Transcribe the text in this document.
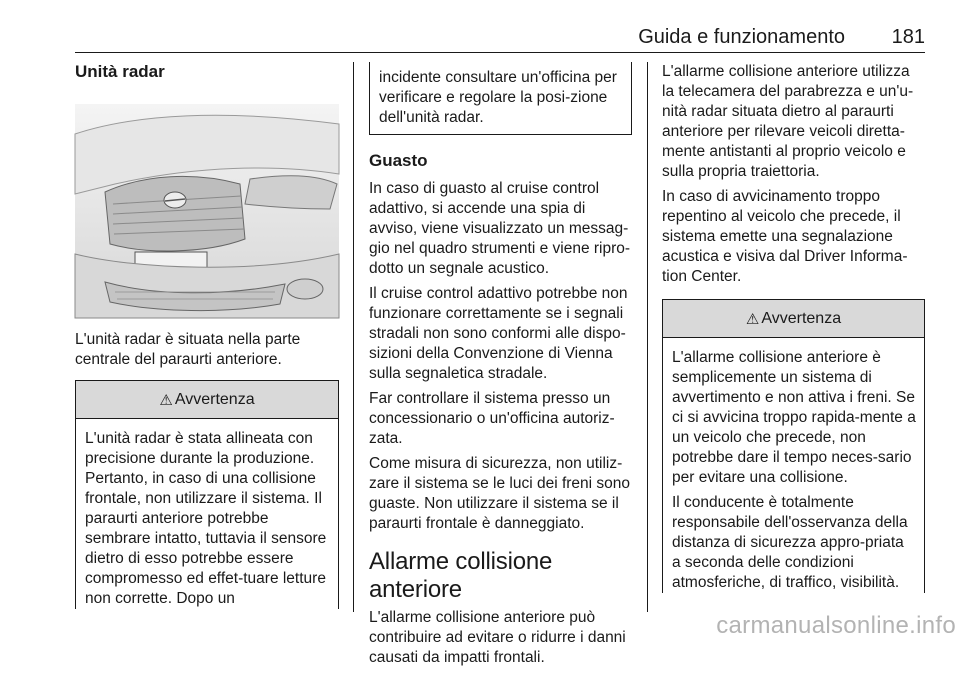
Guida e funzionamento 181
Unità radar

L'unità radar è situata nella parte centrale del paraurti anteriore.

⚠ Avvertenza

L'unità radar è stata allineata con precisione durante la produzione. Pertanto, in caso di una collisione frontale, non utilizzare il sistema. Il paraurti anteriore potrebbe sembrare intatto, tuttavia il sensore dietro di esso potrebbe essere compromesso ed effet-tuare letture non corrette. Dopo un

incidente consultare un'officina per verificare e regolare la posi-zione dell'unità radar.

Guasto

In caso di guasto al cruise control adattivo, si accende una spia di avviso, viene visualizzato un messag-gio nel quadro strumenti e viene ripro-dotto un segnale acustico.

Il cruise control adattivo potrebbe non funzionare correttamente se i segnali stradali non sono conformi alle dispo-sizioni della Convenzione di Vienna sulla segnaletica stradale.

Far controllare il sistema presso un concessionario o un'officina autoriz-zata.

Come misura di sicurezza, non utiliz-zare il sistema se le luci dei freni sono guaste. Non utilizzare il sistema se il paraurti frontale è danneggiato.

Allarme collisione anteriore

L'allarme collisione anteriore può contribuire ad evitare o ridurre i danni causati da impatti frontali.

L'allarme collisione anteriore utilizza la telecamera del parabrezza e un'u-nità radar situata dietro al paraurti anteriore per rilevare veicoli diretta-mente antistanti al proprio veicolo e sulla propria traiettoria.

In caso di avvicinamento troppo repentino al veicolo che precede, il sistema emette una segnalazione acustica e visiva dal Driver Informa-tion Center.

⚠ Avvertenza

L'allarme collisione anteriore è semplicemente un sistema di avvertimento e non attiva i freni. Se ci si avvicina troppo rapida-mente a un veicolo che precede, non potrebbe dare il tempo neces-sario per evitare una collisione.

Il conducente è totalmente responsabile dell'osservanza della distanza di sicurezza appro-priata a seconda delle condizioni atmosferiche, di traffico, visibilità.

carmanualsonline.info
